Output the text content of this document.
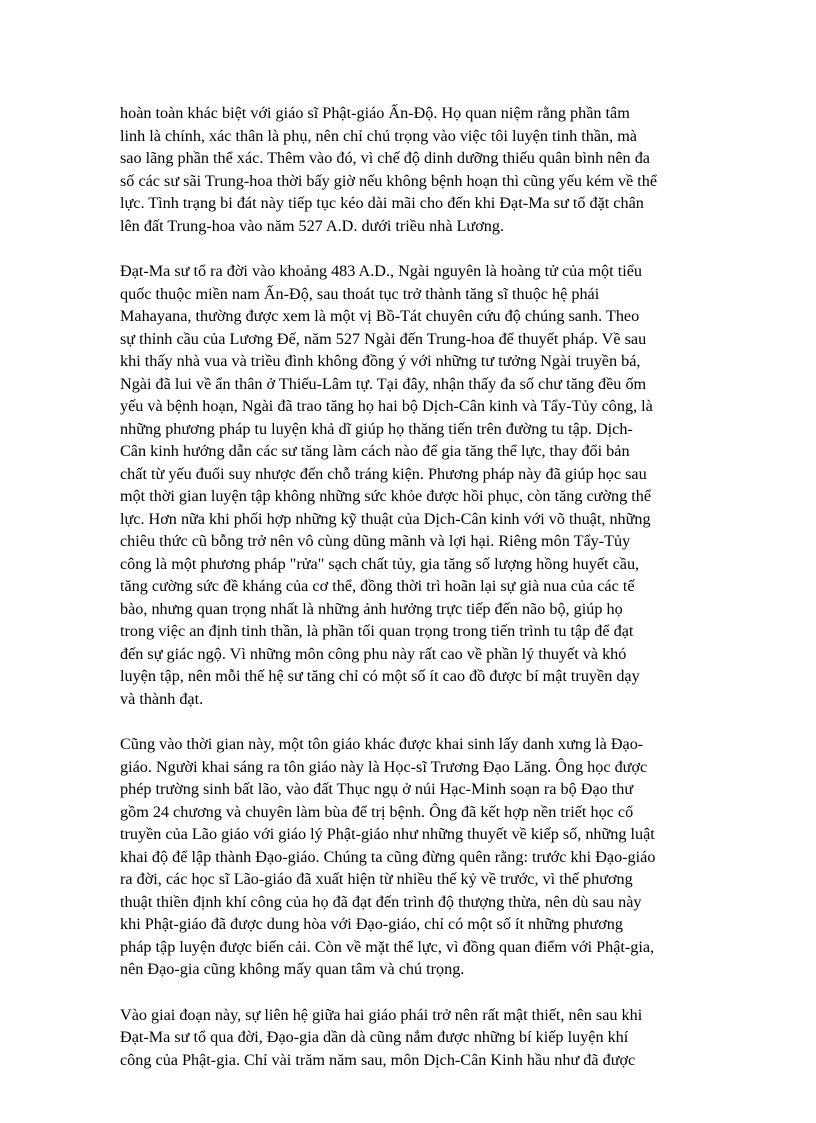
hoàn toàn khác biệt với giáo sĩ Phật-giáo Ấn-Độ. Họ quan niệm rằng phần tâm
linh là chính, xác thân là phụ, nên chỉ chú trọng vào việc tôi luyện tinh thần, mà
sao lãng phần thể xác. Thêm vào đó, vì chế độ dinh dưỡng thiếu quân bình nên đa
số các sư sãi Trung-hoa thời bấy giờ nếu không bệnh hoạn thì cũng yếu kém về thể
lực. Tình trạng bi đát này tiếp tục kéo dài mãi cho đến khi Đạt-Ma sư tổ đặt chân
lên đất Trung-hoa vào năm 527 A.D. dưới triều nhà Lương.

Đạt-Ma sư tổ ra đời vào khoảng 483 A.D., Ngài nguyên là hoàng tử của một tiểu
quốc thuộc miền nam Ấn-Độ, sau thoát tục trở thành tăng sĩ thuộc hệ phái
Mahayana, thường được xem là một vị Bồ-Tát chuyên cứu độ chúng sanh. Theo
sự thỉnh cầu của Lương Đế, năm 527 Ngài đến Trung-hoa để thuyết pháp. Về sau
khi thấy nhà vua và triều đình không đồng ý với những tư tưởng Ngài truyền bá,
Ngài đã lui về ẩn thân ở Thiếu-Lâm tự. Tại đây, nhận thấy đa số chư tăng đều ốm
yếu và bệnh hoạn, Ngài đã trao tăng họ hai bộ Dịch-Cân kinh và Tẩy-Tủy công, là
những phương pháp tu luyện khả dĩ giúp họ thăng tiến trên đường tu tập. Dịch-
Cân kinh hướng dẫn các sư tăng làm cách nào để gia tăng thể lực, thay đổi bản
chất từ yếu đuối suy nhược đến chỗ tráng kiện. Phương pháp này đã giúp học sau
một thời gian luyện tập không những sức khỏe được hồi phục, còn tăng cường thể
lực. Hơn nữa khi phối hợp những kỹ thuật của Dịch-Cân kinh với võ thuật, những
chiêu thức cũ bỗng trở nên vô cùng dũng mãnh và lợi hại. Riêng môn Tẩy-Tủy
công là một phương pháp "rửa" sạch chất tủy, gia tăng số lượng hồng huyết cầu,
tăng cường sức đề kháng của cơ thể, đồng thời trì hoãn lại sự già nua của các tế
bào, nhưng quan trọng nhất là những ảnh hưởng trực tiếp đến não bộ, giúp họ
trong việc an định tinh thần, là phần tối quan trọng trong tiến trình tu tập để đạt
đến sự giác ngộ. Vì những môn công phu này rất cao về phần lý thuyết và khó
luyện tập, nên mỗi thế hệ sư tăng chỉ có một số ít cao đồ được bí mật truyền dạy
và thành đạt.

Cũng vào thời gian này, một tôn giáo khác được khai sinh lấy danh xưng là Đạo-
giáo. Người khai sáng ra tôn giáo này là Học-sĩ Trương Đạo Lăng. Ông học được
phép trường sinh bất lão, vào đất Thục ngụ ở núi Hạc-Minh soạn ra bộ Đạo thư
gồm 24 chương và chuyên làm bùa để trị bệnh. Ông đã kết hợp nền triết học cổ
truyền của Lão giáo với giáo lý Phật-giáo như những thuyết về kiếp số, những luật
khai độ để lập thành Đạo-giáo. Chúng ta cũng đừng quên rằng: trước khi Đạo-giáo
ra đời, các học sĩ Lão-giáo đã xuất hiện từ nhiều thế kỷ về trước, vì thế phương
thuật thiền định khí công của họ đã đạt đến trình độ thượng thừa, nên dù sau này
khi Phật-giáo đã được dung hòa với Đạo-giáo, chỉ có một số ít những phương
pháp tập luyện được biến cải. Còn về mặt thể lực, vì đồng quan điểm với Phật-gia,
nên Đạo-gia cũng không mấy quan tâm và chú trọng.

Vào giai đoạn này, sự liên hệ giữa hai giáo phái trở nên rất mật thiết, nên sau khi
Đạt-Ma sư tổ qua đời, Đạo-gia dần dà cũng nắm được những bí kiếp luyện khí
công của Phật-gia. Chỉ vài trăm năm sau, môn Dịch-Cân Kinh hầu như đã được
